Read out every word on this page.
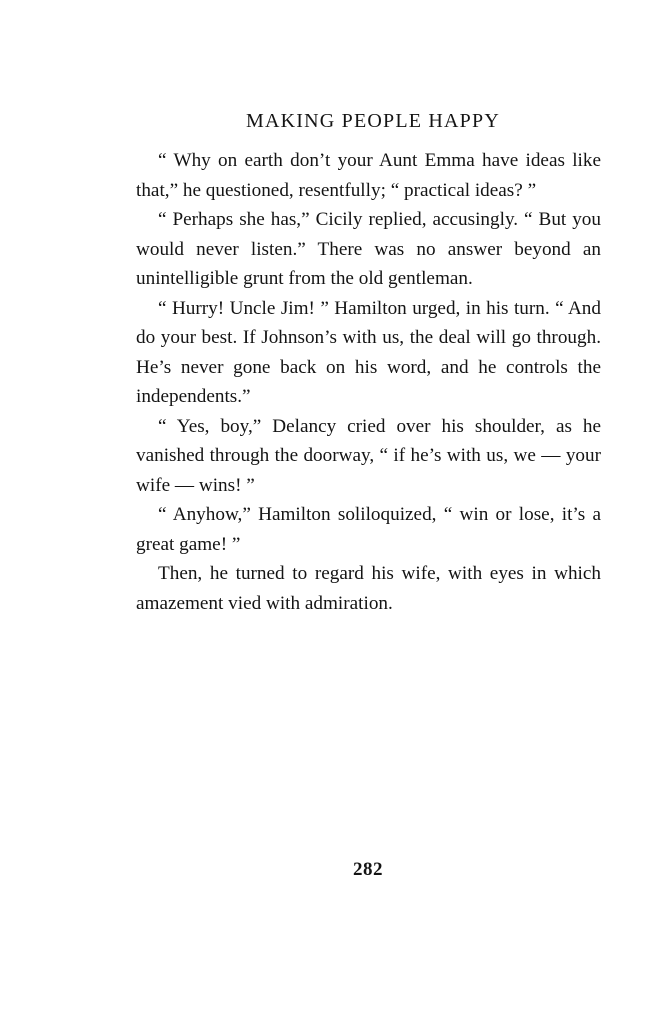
MAKING PEOPLE HAPPY

“ Why on earth don’t your Aunt Emma have ideas like that,” he questioned, resentfully; “ practical ideas? ”

“ Perhaps she has,” Cicily replied, accusingly. “ But you would never listen.” There was no answer beyond an unintelligible grunt from the old gentleman.

“ Hurry! Uncle Jim! ” Hamilton urged, in his turn. “ And do your best. If Johnson’s with us, the deal will go through. He’s never gone back on his word, and he controls the independents.”

“ Yes, boy,” Delancy cried over his shoulder, as he vanished through the doorway, “ if he’s with us, we — your wife — wins! ”

“ Anyhow,” Hamilton soliloquized, “ win or lose, it’s a great game! ”

Then, he turned to regard his wife, with eyes in which amazement vied with admiration.

282
